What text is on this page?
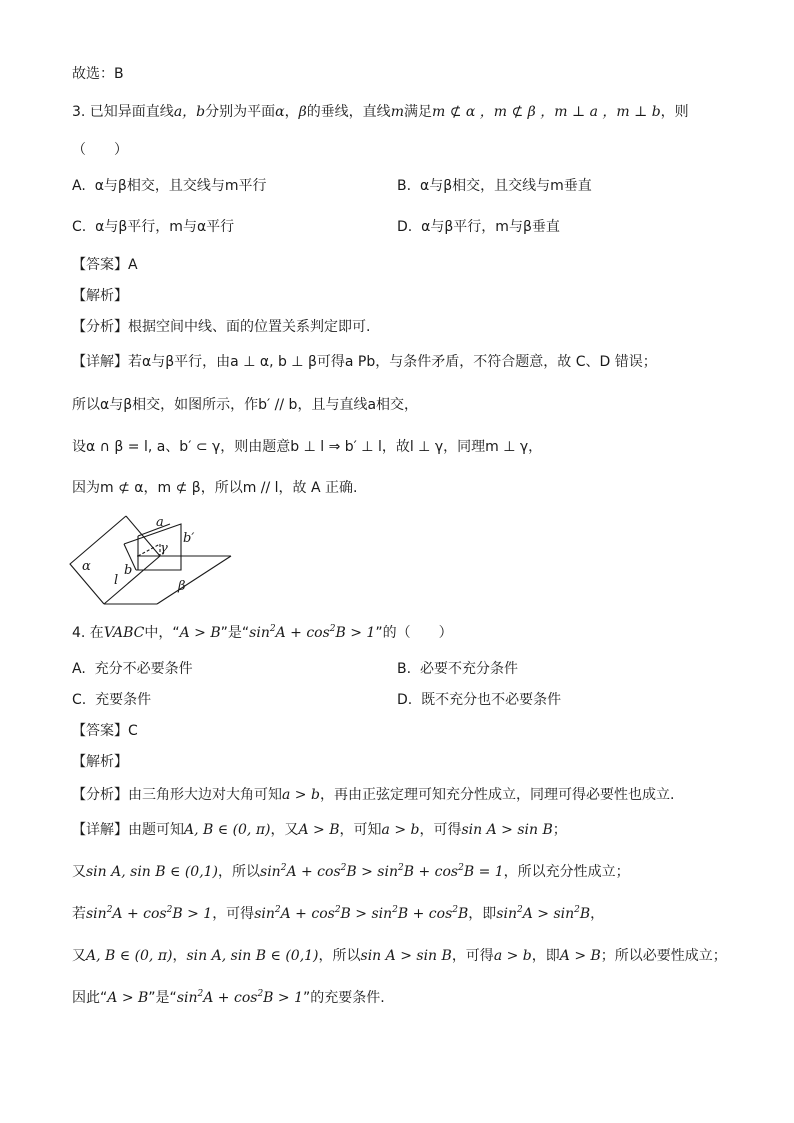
故选：B
3. 已知异面直线a，b分别为平面α，β的垂线，直线m满足m ⊄ α ，m ⊄ β ，m ⊥ a ，m ⊥ b，则
（　　）
A. α与β相交，且交线与m平行	B. α与β相交，且交线与m垂直
C. α与β平行，m与α平行	D. α与β平行，m与β垂直
【答案】A
【解析】
【分析】根据空间中线、面的位置关系判定即可.
【详解】若α与β平行，由a ⊥ α, b ⊥ β可得a Pb，与条件矛盾，不符合题意，故 C、D 错误；
所以α与β相交，如图所示，作b′ // b，且与直线a相交，
设α ∩ β = l, a、b′ ⊂ γ，则由题意b ⊥ l ⇒ b′ ⊥ l，故l ⊥ γ，同理m ⊥ γ，
因为m ⊄ α，m ⊄ β，所以m // l，故 A 正确.
a
b′
γ
α	b
l	β
4. 在VABC中，“A > B”是“$\sin^2A + \cos^2B > 1$”的（　　）
A. 充分不必要条件	B. 必要不充分条件
C. 充要条件	D. 既不充分也不必要条件
【答案】C
【解析】
【分析】由三角形大边对大角可知a > b，再由正弦定理可知充分性成立，同理可得必要性也成立.
【详解】由题可知A, B ∈ (0, π)，又A > B，可知a > b，可得sin A > sin B；
又sin A, sin B ∈ (0,1)，所以$\sin^2A + \cos^2B > \sin^2B + \cos^2B = 1$，所以充分性成立；
若$\sin^2A + \cos^2B > 1$，可得$\sin^2A + \cos^2B > \sin^2B + \cos^2B$，即$\sin^2A > \sin^2B$，
又A, B ∈ (0, π)，sin A, sin B ∈ (0,1)，所以sin A > sin B，可得a > b，即A > B；所以必要性成立；
因此“A > B”是“$\sin^2A + \cos^2B > 1$”的充要条件.
